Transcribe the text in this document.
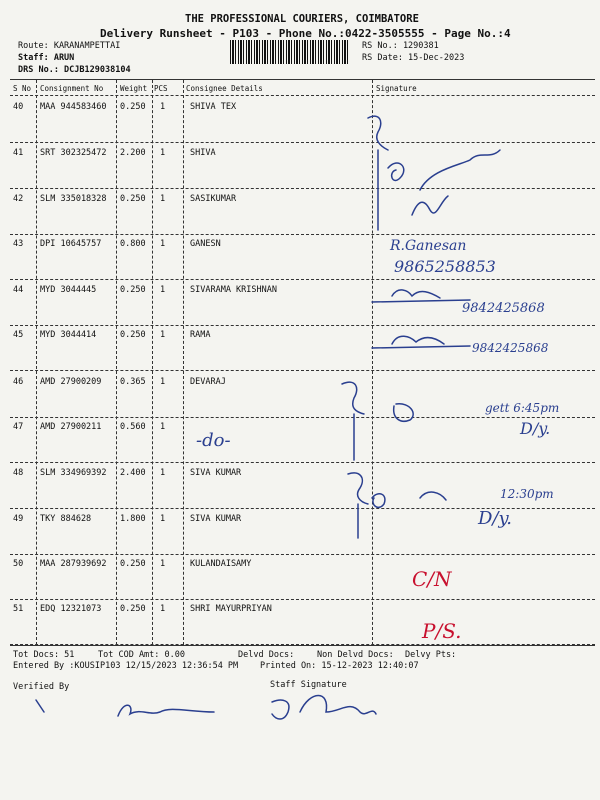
THE PROFESSIONAL COURIERS, COIMBATORE
Delivery Runsheet - P103 - Phone No.:0422-3505555 - Page No.:4
Route: KARANAMPETTAI
Staff: ARUN
DRS No.: DCJB129038104
RS No.: 1290381
RS Date: 15-Dec-2023
S No Consignment No Weight PCS Consignee Details	Signature
40 MAA 944583460 0.250 1	SHIVA TEX
41 SRT 302325472 2.200 1	SHIVA
42 SLM 335018328 0.250 1	SASIKUMAR
43 DPI 10645757 0.800 1	GANESN
44 MYD 3044445	0.250 1	SIVARAMA KRISHNAN
45 MYD 3044414	0.250 1	RAMA
46 AMD 27900209 0.365 1	DEVARAJ
47 AMD 27900211 0.560 1
48 SLM 334969392 2.400 1	SIVA KUMAR
49 TKY 884628	1.800 1	SIVA KUMAR
50 MAA 287939692 0.250 1	KULANDAISAMY
51 EDQ 12321073 0.250 1	SHRI MAYURPRIYAN
Tot Docs: 51	Tot COD Amt: 0.00	Delvd Docs:	Non Delvd Docs: Delvy Pts:
Entered By :KOUSIP103 12/15/2023 12:36:54 PM	Printed On: 15-12-2023 12:40:07
Verified By	Staff Signature
R.Ganesan
9865258853
9842425868
9842425868
-do-
gett 6:45pm
D/y.
12:30pm
D/y.
C/N
P/S.
